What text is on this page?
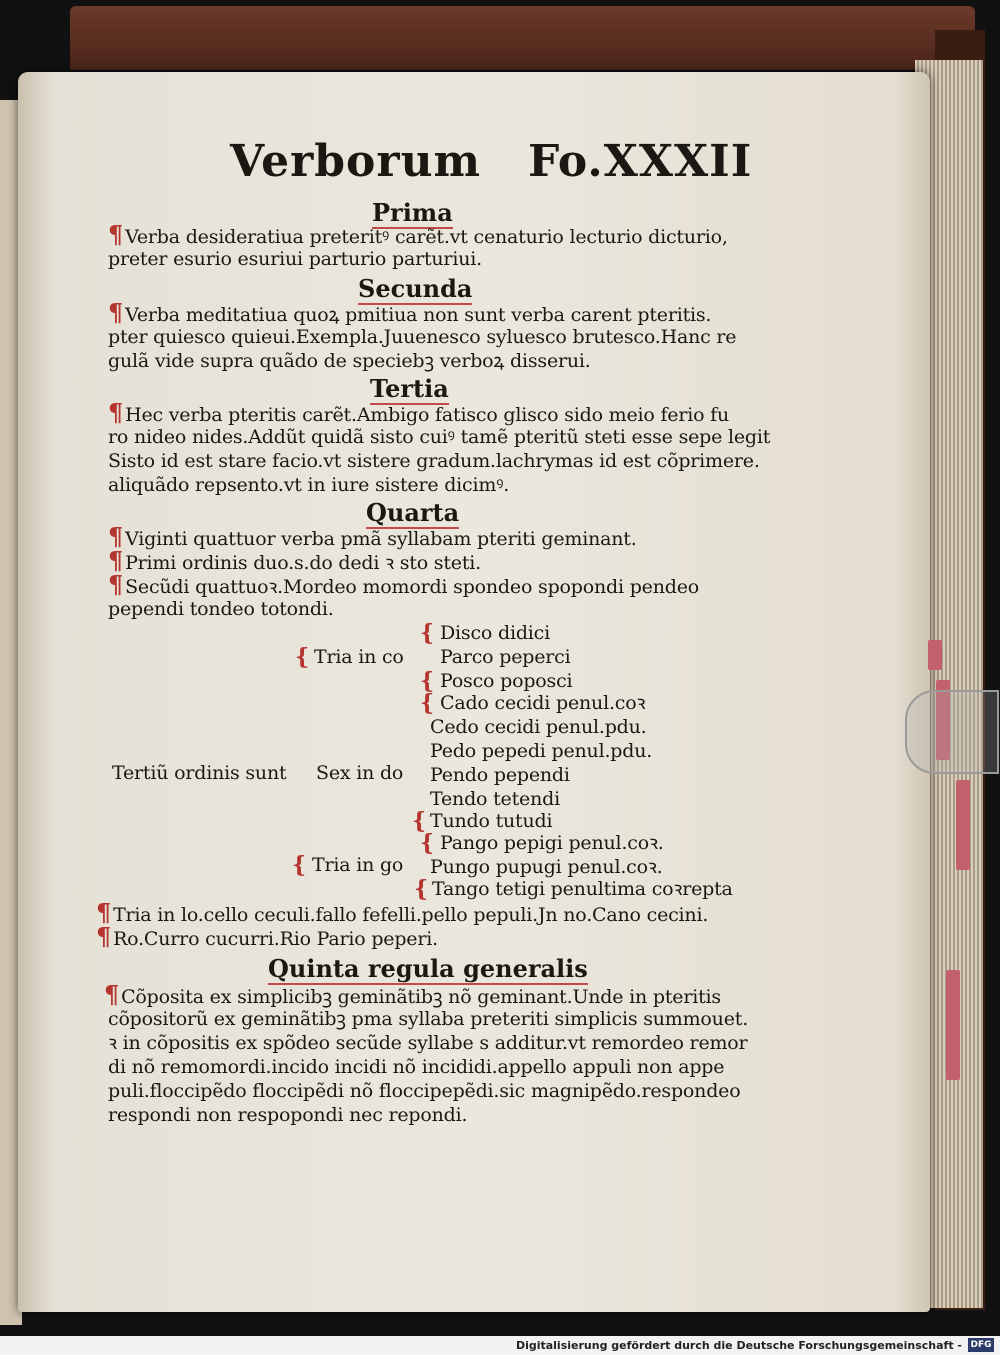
Verborum Fo.XXXII
Prima
¶ Verba desideratiua preteritꝰ carẽt.vt cenaturio lecturio dicturio,
preter esurio esuriui parturio parturiui.
Secunda
¶ Verba meditatiua quoꝝ pmitiua non sunt verba carent pteritis.
pter quiesco quieui.Exempla.Juuenesco syluesco brutesco.Hanc re
gulã vide supra quãdo de speciebꝫ verboꝝ disserui.
Tertia
¶ Hec verba pteritis carẽt.Ambigo fatisco glisco sido meio ferio fu
ro nideo nides.Addũt quidã sisto cuiꝰ tamẽ pteritũ steti esse sepe legit
Sisto id est stare facio.vt sistere gradum.lachrymas id est cõprimere.
aliquãdo repsento.vt in iure sistere dicimꝰ.
Quarta
¶ Viginti quattuor verba pmã syllabam pteriti geminant.
¶ Primi ordinis duo.s.do dedi ꝛ sto steti.
¶ Secũdi quattuoꝛ.Mordeo momordi spondeo spopondi pendeo
pependi tondeo totondi.
{ Disco didici
{ Tria in co Parco peperci
{ Posco poposci
{ Cado cecidi penul.coꝛ
Cedo cecidi penul.pdu.
Pedo pepedi penul.pdu.
Tertiũ ordinis sunt Sex in do Pendo pependi
Tendo tetendi
{ Tundo tutudi
{ Pango pepigi penul.coꝛ.
{ Tria in go Pungo pupugi penul.coꝛ.
{ Tango tetigi penultima coꝛrepta
¶ Tria in lo.cello ceculi.fallo fefelli.pello pepuli.Jn no.Cano cecini.
¶ Ro.Curro cucurri.Rio Pario peperi.
Quinta regula generalis
¶ Cõposita ex simplicibꝫ geminãtibꝫ nõ geminant.Unde in pteritis
cõpositorũ ex geminãtibꝫ pma syllaba preteriti simplicis summouet.
ꝛ in cõpositis ex spõdeo secũde syllabe s additur.vt remordeo remor
di nõ remomordi.incido incidi nõ incididi.appello appuli non appe
puli.floccipẽdo floccipẽdi nõ floccipepẽdi.sic magnipẽdo.respondeo
respondi non respopondi nec repondi.
Digitalisierung gefördert durch die Deutsche Forschungsgemeinschaft - DFG
